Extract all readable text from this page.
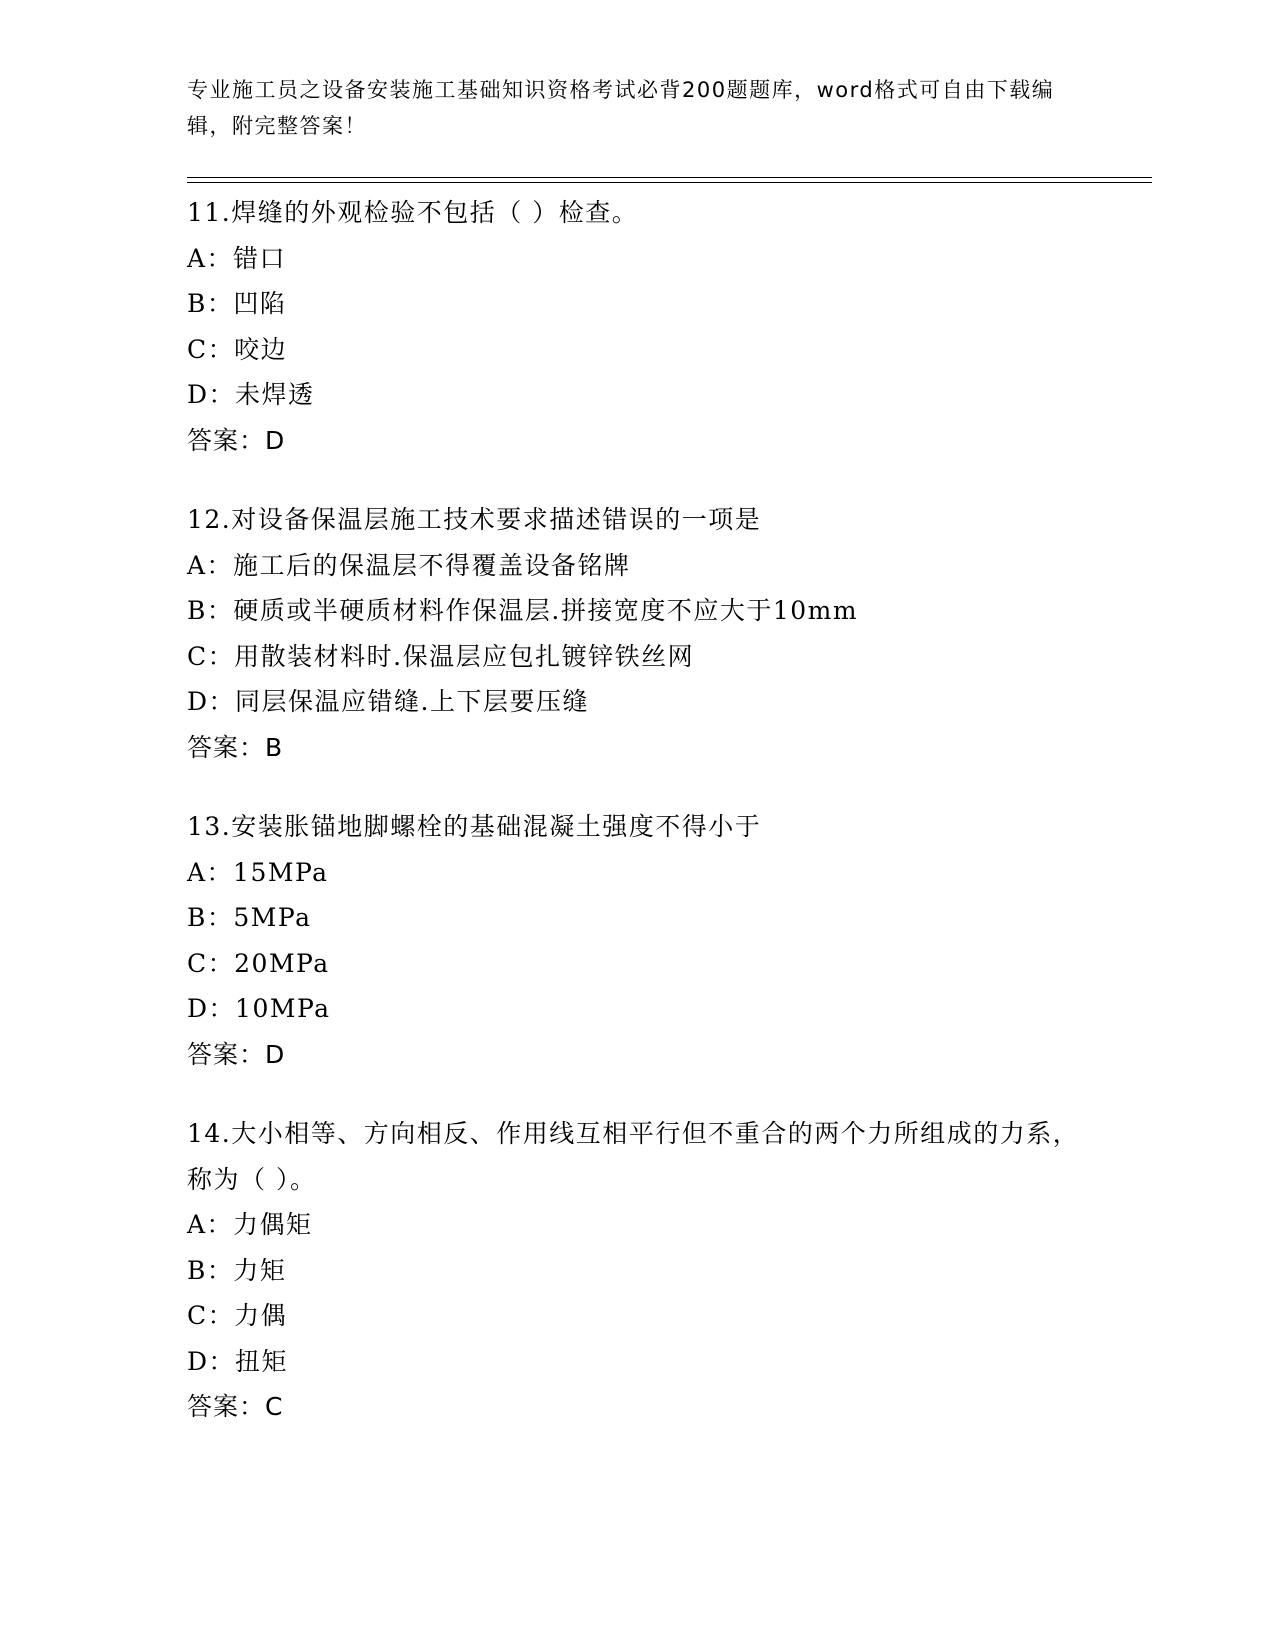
专业施工员之设备安装施工基础知识资格考试必背200题题库，word格式可自由下载编辑，附完整答案！
11.焊缝的外观检验不包括（ ）检查。
A：错口
B：凹陷
C：咬边
D：未焊透
答案：D
12.对设备保温层施工技术要求描述错误的一项是
A：施工后的保温层不得覆盖设备铭牌
B：硬质或半硬质材料作保温层.拼接宽度不应大于10mm
C：用散装材料时.保温层应包扎镀锌铁丝网
D：同层保温应错缝.上下层要压缝
答案：B
13.安装胀锚地脚螺栓的基础混凝土强度不得小于
A：15MPa
B：5MPa
C：20MPa
D：10MPa
答案：D
14.大小相等、方向相反、作用线互相平行但不重合的两个力所组成的力系，称为（ ）。
A：力偶矩
B：力矩
C：力偶
D：扭矩
答案：C
